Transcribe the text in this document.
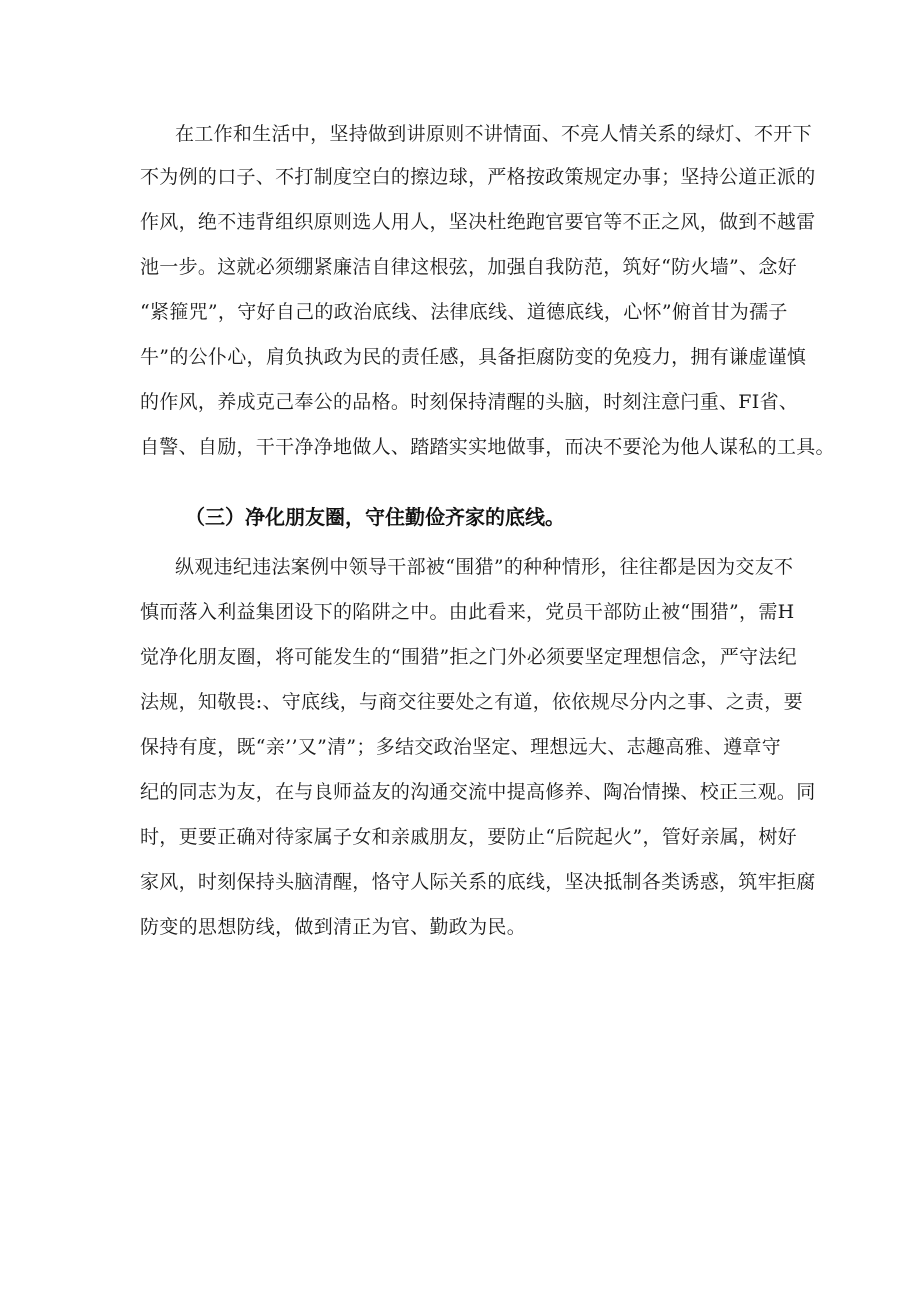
在工作和生活中，坚持做到讲原则不讲情面、不亮人情关系的绿灯、不开下
不为例的口子、不打制度空白的擦边球，严格按政策规定办事；坚持公道正派的
作风，绝不违背组织原则选人用人，坚决杜绝跑官要官等不正之风，做到不越雷
池一步。这就必须绷紧廉洁自律这根弦，加强自我防范，筑好“防火墙”、念好
“紧箍咒”，守好自己的政治底线、法律底线、道德底线，心怀”俯首甘为孺子
牛”的公仆心，肩负执政为民的责任感，具备拒腐防变的免疫力，拥有谦虚谨慎
的作风，养成克己奉公的品格。时刻保持清醒的头脑，时刻注意闩重、FI省、
自警、自励，干干净净地做人、踏踏实实地做事，而决不要沦为他人谋私的工具。
（三）净化朋友圈，守住勤俭齐家的底线。
纵观违纪违法案例中领导干部被“围猎”的种种情形，往往都是因为交友不
慎而落入利益集团设下的陷阱之中。由此看来，党员干部防止被“围猎”，需H
觉净化朋友圈，将可能发生的“围猎”拒之门外必须要坚定理想信念，严守法纪
法规，知敬畏:、守底线，与商交往要处之有道，依依规尽分内之事、之责，要
保持有度，既“亲’’又”清”；多结交政治坚定、理想远大、志趣高雅、遵章守
纪的同志为友，在与良师益友的沟通交流中提高修养、陶冶情操、校正三观。同
时，更要正确对待家属子女和亲戚朋友，要防止“后院起火”，管好亲属，树好
家风，时刻保持头脑清醒，恪守人际关系的底线，坚决抵制各类诱惑，筑牢拒腐
防变的思想防线，做到清正为官、勤政为民。
